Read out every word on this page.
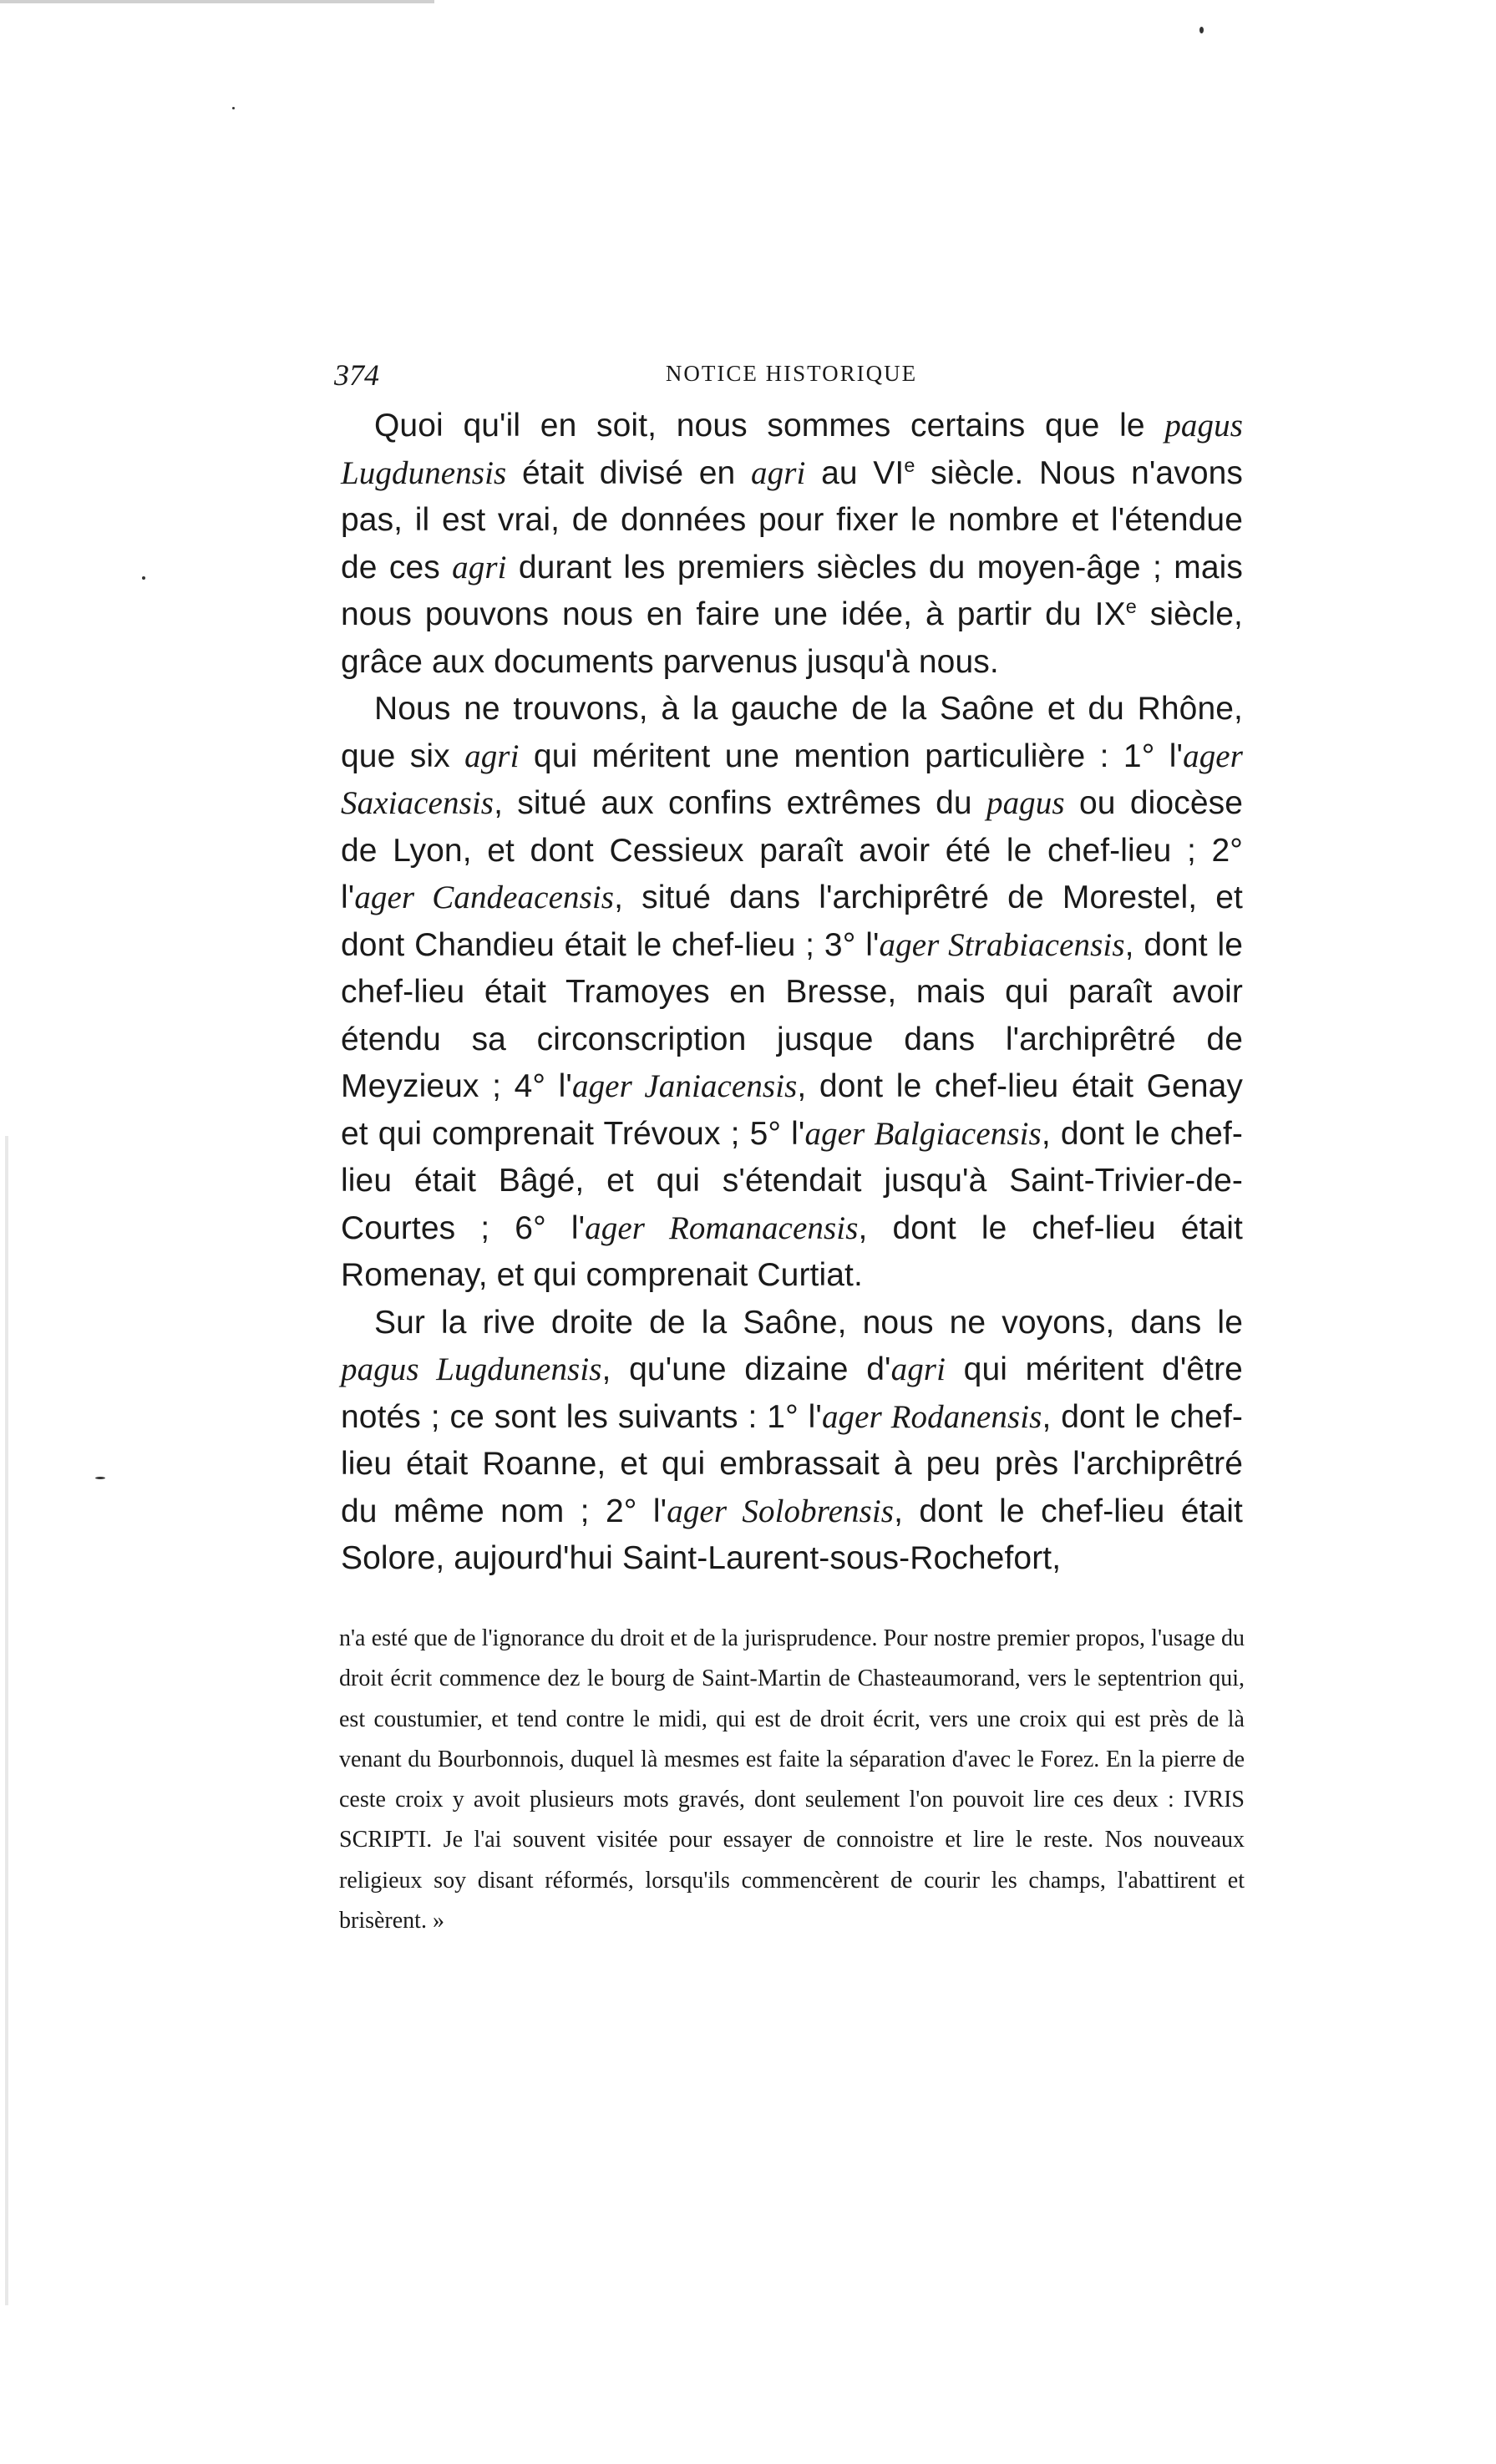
374	NOTICE HISTORIQUE

Quoi qu'il en soit, nous sommes certains que le pagus Lugdunensis était divisé en agri au VIe siècle. Nous n'avons pas, il est vrai, de données pour fixer le nombre et l'étendue de ces agri durant les premiers siècles du moyen-âge ; mais nous pouvons nous en faire une idée, à partir du IXe siècle, grâce aux documents parvenus jusqu'à nous.

Nous ne trouvons, à la gauche de la Saône et du Rhône, que six agri qui méritent une mention particulière : 1° l'ager Saxiacensis, situé aux confins extrêmes du pagus ou diocèse de Lyon, et dont Cessieux paraît avoir été le chef-lieu ; 2° l'ager Candeacensis, situé dans l'archiprêtré de Morestel, et dont Chandieu était le chef-lieu ; 3° l'ager Strabiacensis, dont le chef-lieu était Tramoyes en Bresse, mais qui paraît avoir étendu sa circonscription jusque dans l'archiprêtré de Meyzieux ; 4° l'ager Janiacensis, dont le chef-lieu était Genay et qui comprenait Trévoux ; 5° l'ager Balgiacensis, dont le chef-lieu était Bâgé, et qui s'étendait jusqu'à Saint-Trivier-de-Courtes ; 6° l'ager Romanacensis, dont le chef-lieu était Romenay, et qui comprenait Curtiat.

Sur la rive droite de la Saône, nous ne voyons, dans le pagus Lugdunensis, qu'une dizaine d'agri qui méritent d'être notés ; ce sont les suivants : 1° l'ager Rodanensis, dont le chef-lieu était Roanne, et qui embrassait à peu près l'archiprêtré du même nom ; 2° l'ager Solobrensis, dont le chef-lieu était Solore, aujourd'hui Saint-Laurent-sous-Rochefort,

n'a esté que de l'ignorance du droit et de la jurisprudence. Pour nostre premier propos, l'usage du droit écrit commence dez le bourg de Saint-Martin de Chasteaumorand, vers le septentrion qui, est coustumier, et tend contre le midi, qui est de droit écrit, vers une croix qui est près de là venant du Bourbonnois, duquel là mesmes est faite la séparation d'avec le Forez. En la pierre de ceste croix y avoit plusieurs mots gravés, dont seulement l'on pouvoit lire ces deux : IVRIS SCRIPTI. Je l'ai souvent visitée pour essayer de connoistre et lire le reste. Nos nouveaux religieux soy disant réformés, lorsqu'ils commencèrent de courir les champs, l'abattirent et brisèrent. »
